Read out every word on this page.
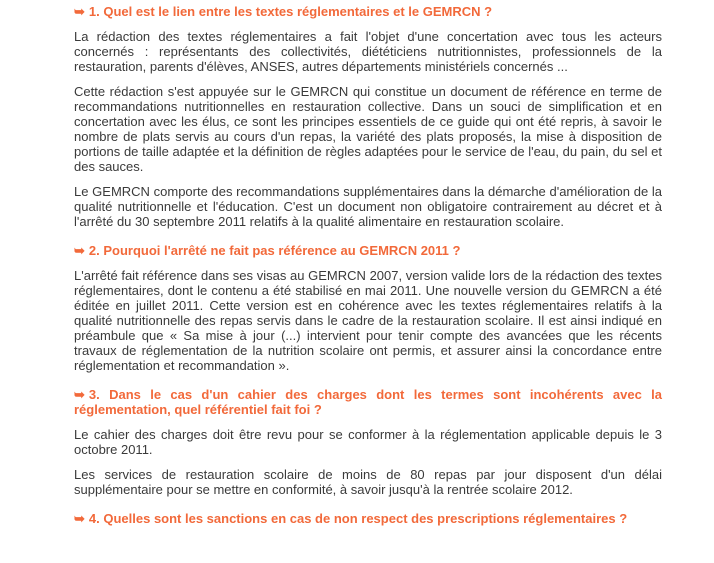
➥ 1. Quel est le lien entre les textes réglementaires et le GEMRCN ?

La rédaction des textes réglementaires a fait l'objet d'une concertation avec tous les acteurs concernés : représentants des collectivités, diététiciens nutritionnistes, professionnels de la restauration, parents d'élèves, ANSES, autres départements ministériels concernés ...

Cette rédaction s'est appuyée sur le GEMRCN qui constitue un document de référence en terme de recommandations nutritionnelles en restauration collective. Dans un souci de simplification et en concertation avec les élus, ce sont les principes essentiels de ce guide qui ont été repris, à savoir le nombre de plats servis au cours d'un repas, la variété des plats proposés, la mise à disposition de portions de taille adaptée et la définition de règles adaptées pour le service de l'eau, du pain, du sel et des sauces.

Le GEMRCN comporte des recommandations supplémentaires dans la démarche d'amélioration de la qualité nutritionnelle et l'éducation. C'est un document non obligatoire contrairement au décret et à l'arrêté du 30 septembre 2011 relatifs à la qualité alimentaire en restauration scolaire.

➥ 2. Pourquoi l'arrêté ne fait pas référence au GEMRCN 2011 ?

L'arrêté fait référence dans ses visas au GEMRCN 2007, version valide lors de la rédaction des textes réglementaires, dont le contenu a été stabilisé en mai 2011. Une nouvelle version du GEMRCN a été éditée en juillet 2011. Cette version est en cohérence avec les textes réglementaires relatifs à la qualité nutritionnelle des repas servis dans le cadre de la restauration scolaire. Il est ainsi indiqué en préambule que « Sa mise à jour (...) intervient pour tenir compte des avancées que les récents travaux de réglementation de la nutrition scolaire ont permis, et assurer ainsi la concordance entre réglementation et recommandation ».

➥ 3. Dans le cas d'un cahier des charges dont les termes sont incohérents avec la réglementation, quel référentiel fait foi ?

Le cahier des charges doit être revu pour se conformer à la réglementation applicable depuis le 3 octobre 2011.

Les services de restauration scolaire de moins de 80 repas par jour disposent d'un délai supplémentaire pour se mettre en conformité, à savoir jusqu'à la rentrée scolaire 2012.

➥ 4. Quelles sont les sanctions en cas de non respect des prescriptions réglementaires ?
